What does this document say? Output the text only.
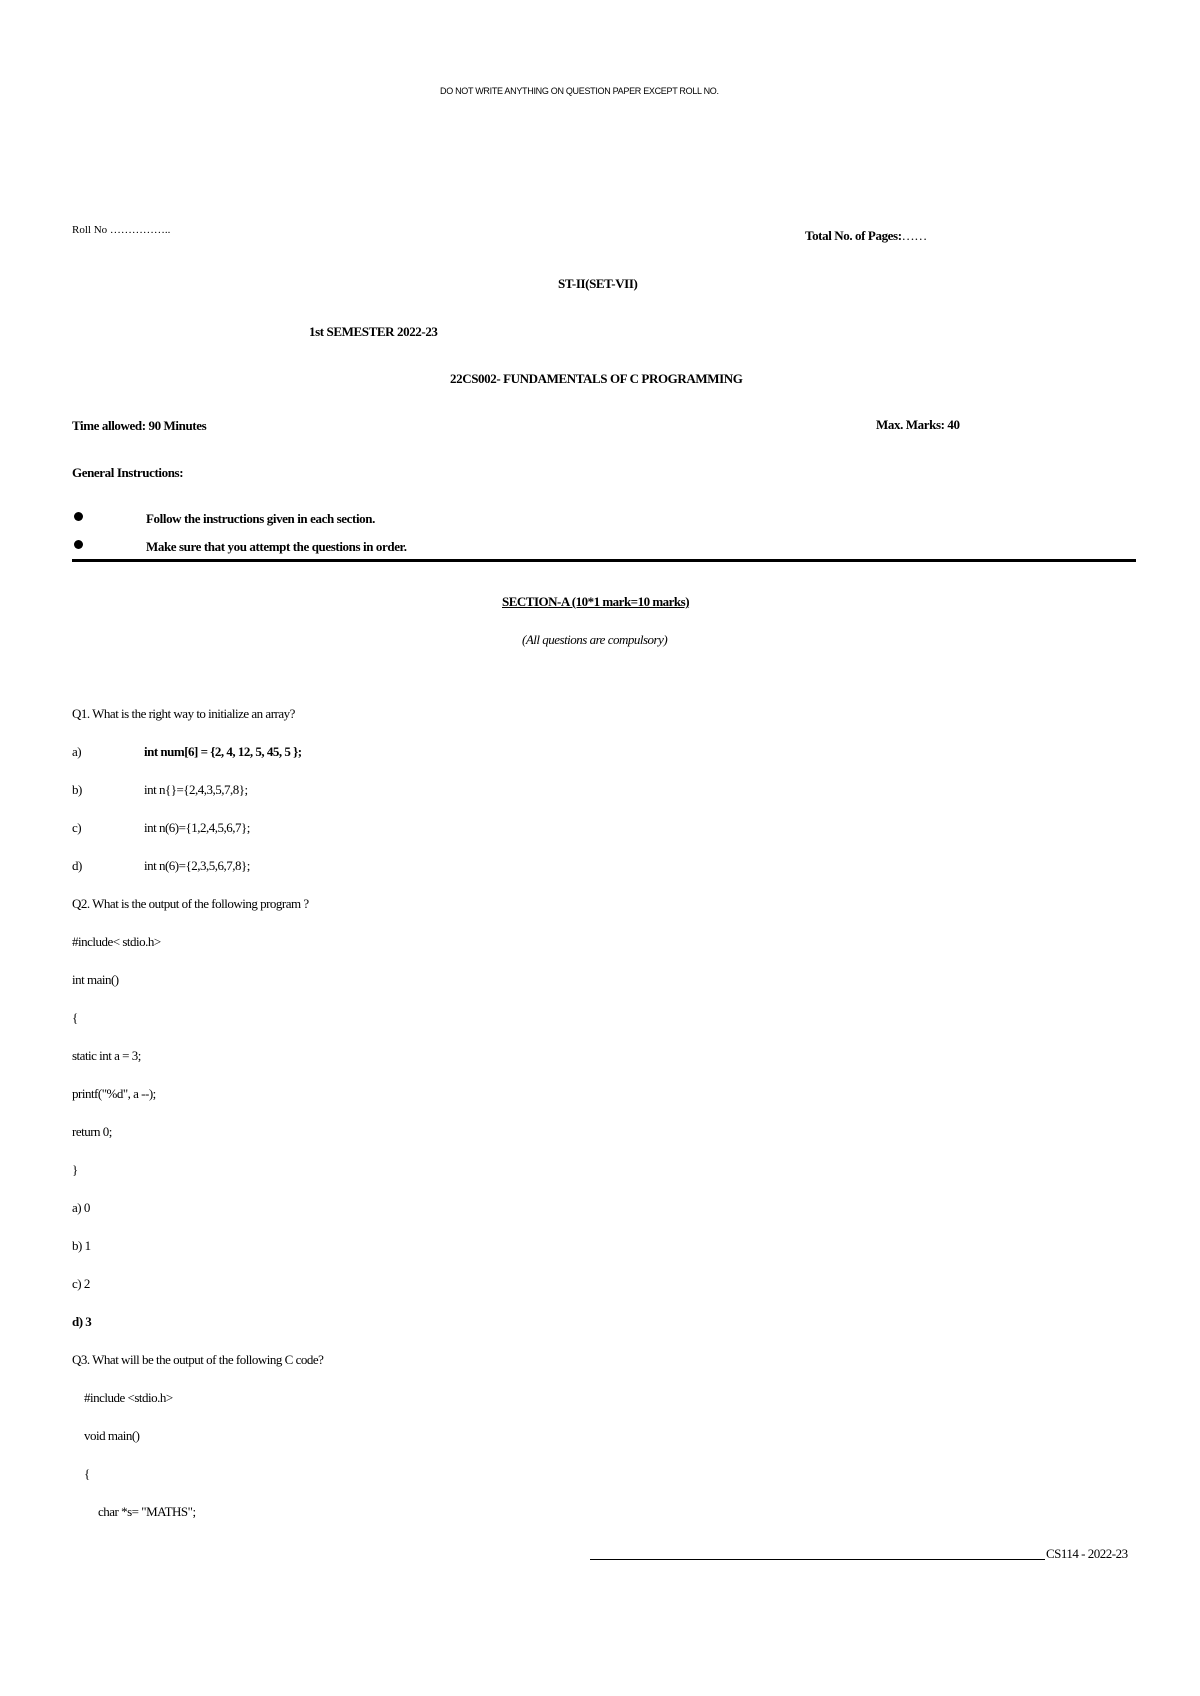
DO NOT WRITE ANYTHING ON QUESTION PAPER EXCEPT ROLL NO.
Roll No ……………..	Total No. of Pages:……
ST-II(SET-VII)
1st SEMESTER 2022-23
22CS002- FUNDAMENTALS OF C PROGRAMMING
Time allowed: 90 Minutes	Max. Marks: 40
General Instructions:
Follow the instructions given in each section.
Make sure that you attempt the questions in order.
SECTION-A (10*1 mark=10 marks)
(All questions are compulsory)
Q1. What is the right way to initialize an array?
a)	int num[6] = {2, 4, 12, 5, 45, 5 };
b)	int n{}={2,4,3,5,7,8};
c)	int n(6)={1,2,4,5,6,7};
d)	int n(6)={2,3,5,6,7,8};
Q2. What is the output of the following program ?
#include< stdio.h>
int main()
{
static int a = 3;
printf("%d", a --);
return 0;
}
a) 0
b) 1
c) 2
d) 3
Q3. What will be the output of the following C code?
#include <stdio.h>
void main()
{
char *s= "MATHS";
CS114 - 2022-23
